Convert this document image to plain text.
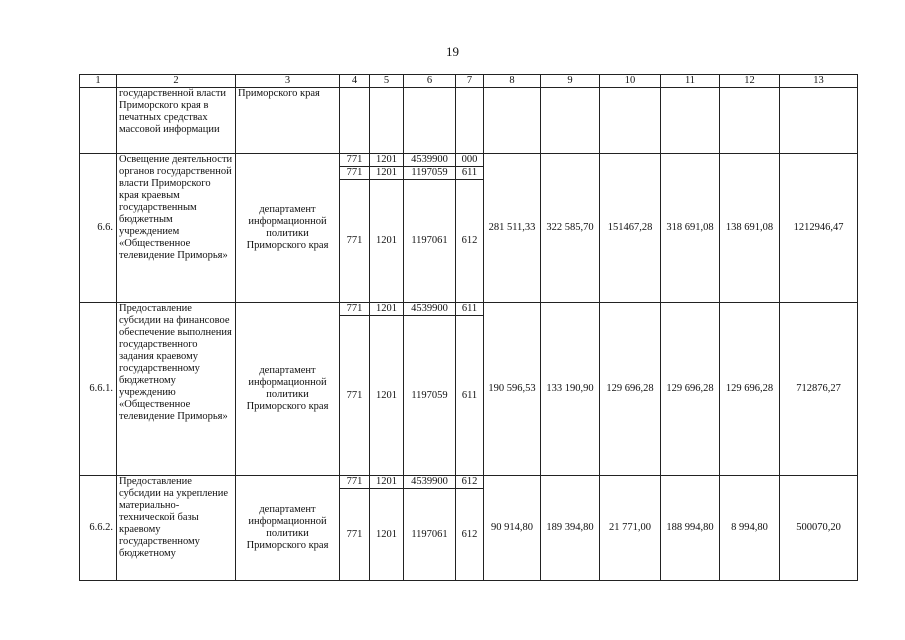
19
1	2	3	4	5	6	7	8	9	10	11	12	13
	государственной власти Приморского края в печатных средствах массовой информации	Приморского края										
6.6.	Освещение деятельности органов государственной власти Приморского края краевым государственным бюджетным учреждением «Общественное телевидение Приморья»	департамент информационной политики Приморского края	771	1201	4539900	000	281 511,33	322 585,70	151467,28	318 691,08	138 691,08	1212946,47
			771	1201	1197059	611						
			771	1201	1197061	612						
6.6.1.	Предоставление субсидии на финансовое обеспечение выполнения государственного задания краевому государственному бюджетному учреждению «Общественное телевидение Приморья»	департамент информационной политики Приморского края	771	1201	4539900	611	190 596,53	133 190,90	129 696,28	129 696,28	129 696,28	712876,27
			771	1201	1197059	611						
6.6.2.	Предоставление субсидии на укрепление материально-технической базы краевому государственному бюджетному	департамент информационной политики Приморского края	771	1201	4539900	612	90 914,80	189 394,80	21 771,00	188 994,80	8 994,80	500070,20
			771	1201	1197061	612						
